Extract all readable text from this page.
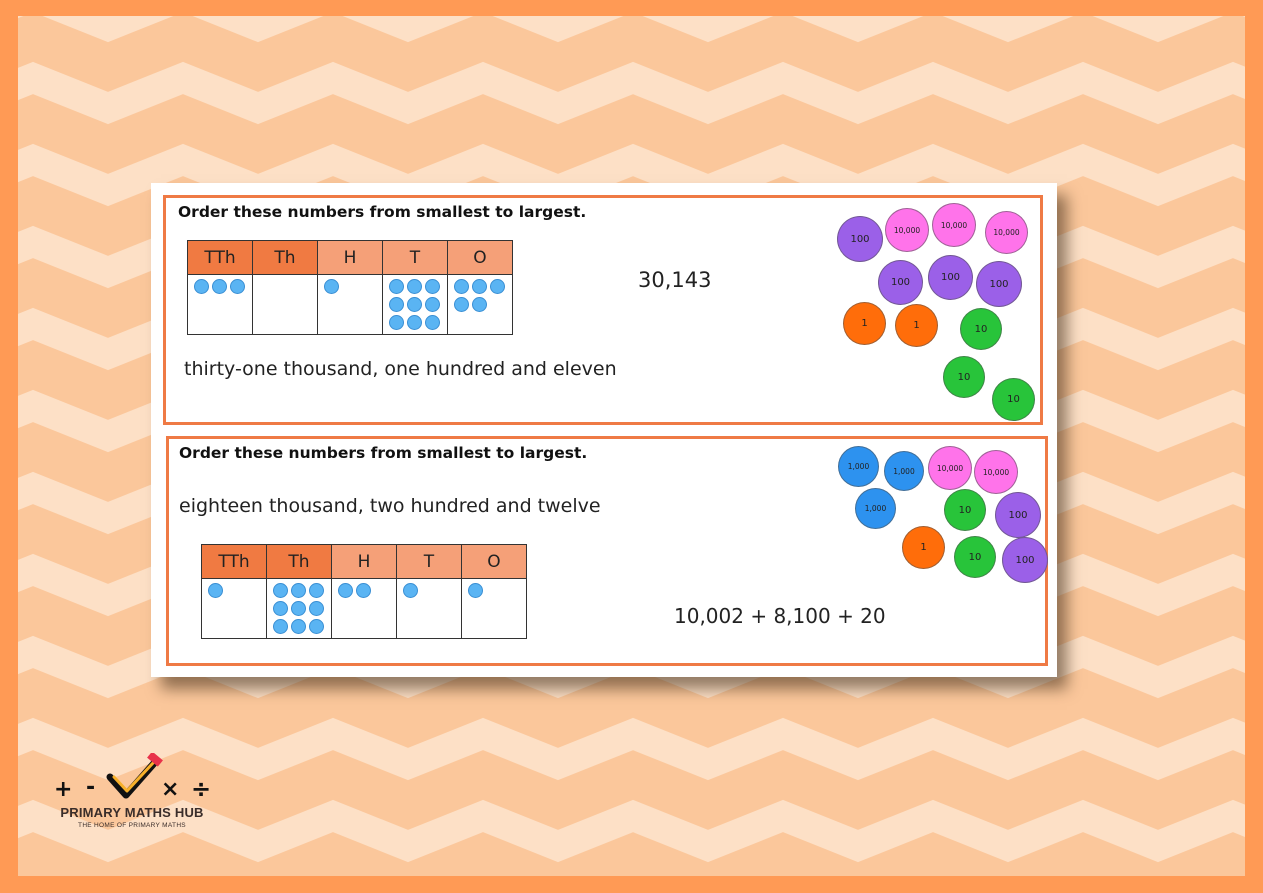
Order these numbers from smallest to largest.
TTh	Th	H	T	O

30,143
thirty-one thousand, one hundred and eleven
100
10,000
10,000
10,000
100	100
100
1	1	10
10
10
Order these numbers from smallest to largest.
eighteen thousand, two hundred and twelve
TTh	Th	H	T	O

10,002 + 8,100 + 20
1,000	1,000	10,000	10,000
1,000	10	100
1
10	100
+ -	× ÷
PRIMARY MATHS HUB
THE HOME OF PRIMARY MATHS
